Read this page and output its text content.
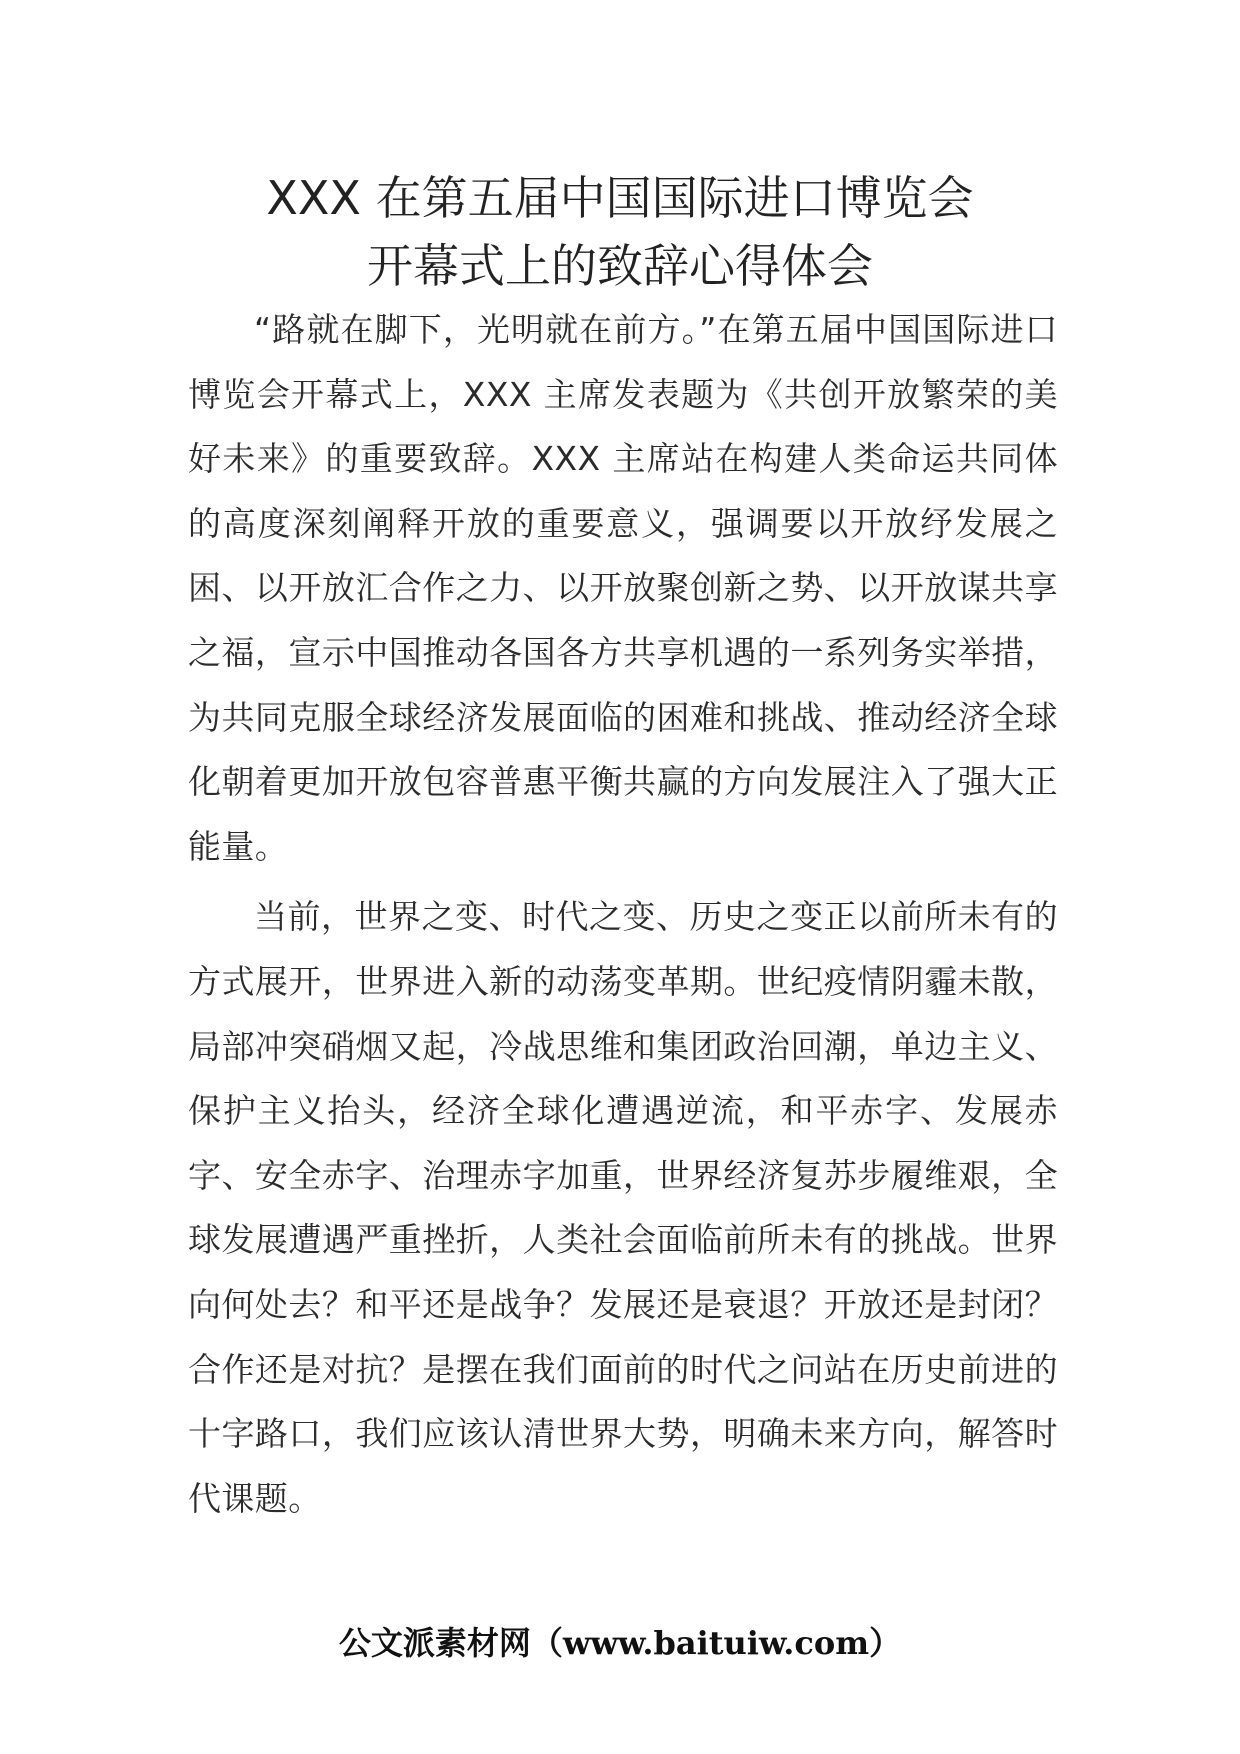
XXX 在第五届中国国际进口博览会
开幕式上的致辞心得体会

“路就在脚下，光明就在前方。”在第五届中国国际进口博览会开幕式上，XXX 主席发表题为《共创开放繁荣的美好未来》的重要致辞。XXX 主席站在构建人类命运共同体的高度深刻阐释开放的重要意义，强调要以开放纾发展之困、以开放汇合作之力、以开放聚创新之势、以开放谋共享之福，宣示中国推动各国各方共享机遇的一系列务实举措，为共同克服全球经济发展面临的困难和挑战、推动经济全球化朝着更加开放包容普惠平衡共赢的方向发展注入了强大正能量。

当前，世界之变、时代之变、历史之变正以前所未有的方式展开，世界进入新的动荡变革期。世纪疫情阴霾未散，局部冲突硝烟又起，冷战思维和集团政治回潮，单边主义、保护主义抬头，经济全球化遭遇逆流，和平赤字、发展赤字、安全赤字、治理赤字加重，世界经济复苏步履维艰，全球发展遭遇严重挫折，人类社会面临前所未有的挑战。世界向何处去？和平还是战争？发展还是衰退？开放还是封闭？合作还是对抗？是摆在我们面前的时代之问站在历史前进的十字路口，我们应该认清世界大势，明确未来方向，解答时代课题。

公文派素材网（www.baituiw.com）
